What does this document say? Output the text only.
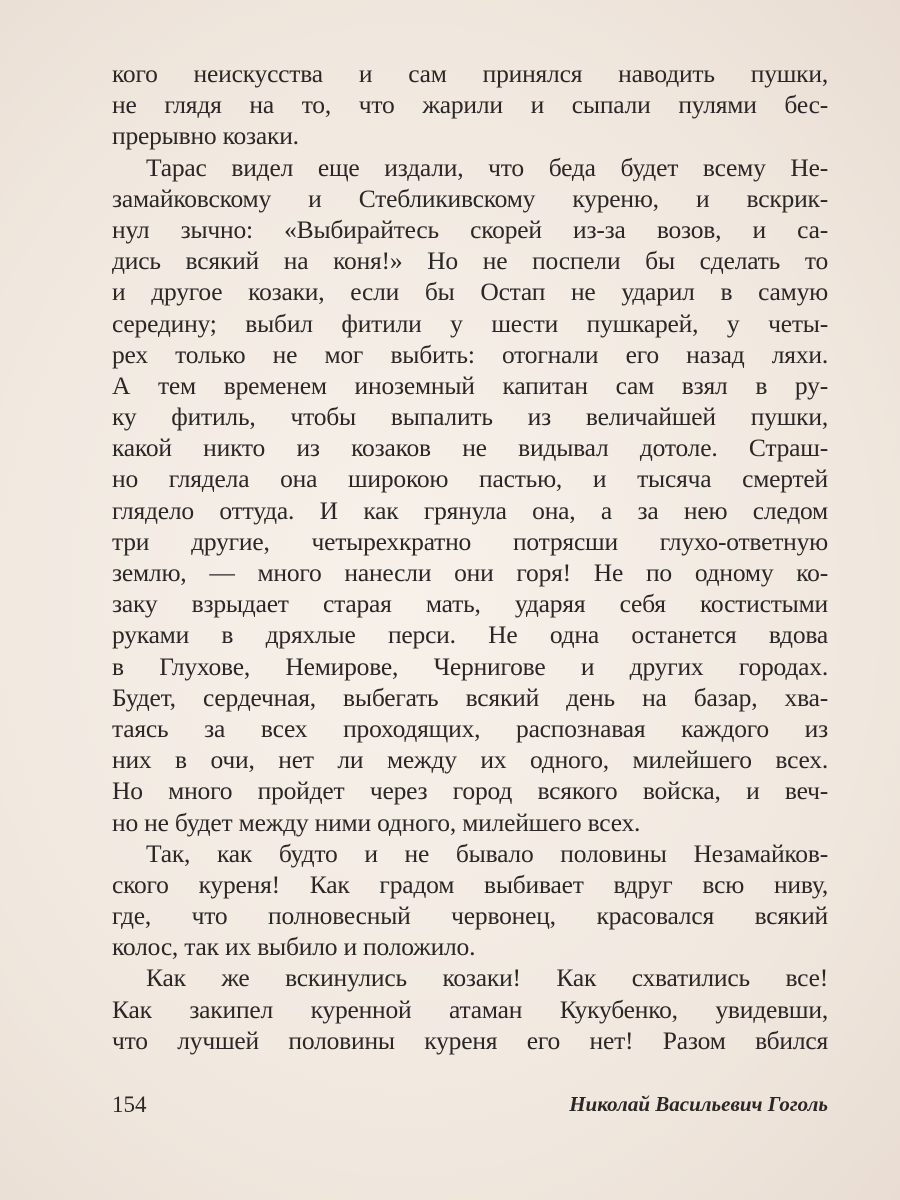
кого неискусства и сам принялся наводить пушки,
не глядя на то, что жарили и сыпали пулями бес-
прерывно козаки.
Тарас видел еще издали, что беда будет всему Не-
замайковскому и Стебликивскому куреню, и вскрик-
нул зычно: «Выбирайтесь скорей из-за возов, и са-
дись всякий на коня!» Но не поспели бы сделать то
и другое козаки, если бы Остап не ударил в самую
середину; выбил фитили у шести пушкарей, у четы-
рех только не мог выбить: отогнали его назад ляхи.
А тем временем иноземный капитан сам взял в ру-
ку фитиль, чтобы выпалить из величайшей пушки,
какой никто из козаков не видывал дотоле. Страш-
но глядела она широкою пастью, и тысяча смертей
глядело оттуда. И как грянула она, а за нею следом
три другие, четырехкратно потрясши глухо-ответную
землю, — много нанесли они горя! Не по одному ко-
заку взрыдает старая мать, ударяя себя костистыми
руками в дряхлые перси. Не одна останется вдова
в Глухове, Немирове, Чернигове и других городах.
Будет, сердечная, выбегать всякий день на базар, хва-
таясь за всех проходящих, распознавая каждого из
них в очи, нет ли между их одного, милейшего всех.
Но много пройдет через город всякого войска, и веч-
но не будет между ними одного, милейшего всех.
Так, как будто и не бывало половины Незамайков-
ского куреня! Как градом выбивает вдруг всю ниву,
где, что полновесный червонец, красовался всякий
колос, так их выбило и положило.
Как же вскинулись козаки! Как схватились все!
Как закипел куренной атаман Кукубенко, увидевши,
что лучшей половины куреня его нет! Разом вбился
154	Николай Васильевич Гоголь
